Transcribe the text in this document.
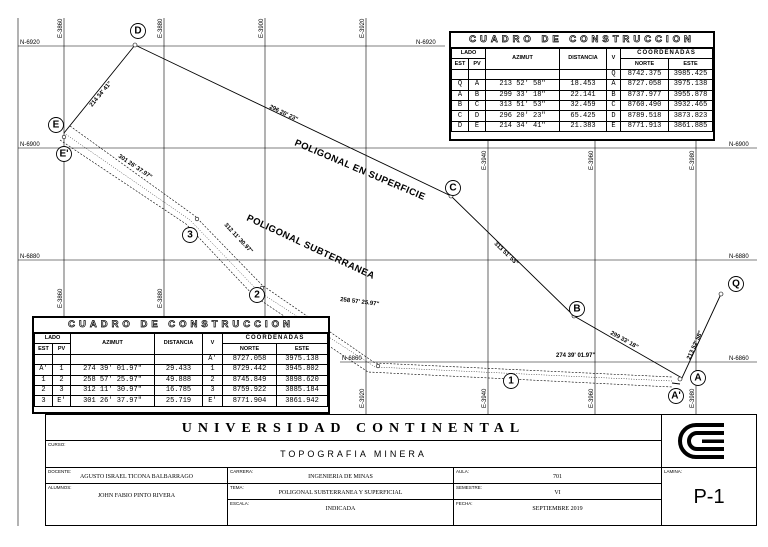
N-6920	N-6920
N-6900	N-6900
N-6880	N-6880
N-6860	N-6860
E-3860	E-3880	E-3900	E-3920
E-3940	E-3960	E-3980
E-3860	E-3880
E-3920	E-3940	E-3960	E-3980
D
E
E'
C
B
Q
A
A'
1
2
3
214 34' 41"
296 20' 23"
313 51' 53"
299 33' 18"	213 52' 58"
274 39' 01.97"
258 57' 25.97"
312 11' 30.97"
301 26' 37.97"	POLIGONAL EN SUPERFICIE
POLIGONAL SUBTERRANEA
CUADRO DE CONSTRUCCION
LADO		AZIMUT	DISTANCIA	V	COORDENADAS	
EST	PV				NORTE	ESTE
				Q	8742.375	3985.425
Q	A	213 52' 58"	18.453	A	8727.058	3975.138
A	B	299 33' 18"	22.141	B	8737.977	3955.878
B	C	313 51' 53"	32.459	C	8760.490	3932.465
C	D	296 20' 23"	65.425	D	8789.518	3873.823
D	E	214 34' 41"	21.383	E	8771.913	3861.885
CUADRO DE CONSTRUCCION
LADO		AZIMUT	DISTANCIA	V	COORDENADAS	
EST	PV				NORTE	ESTE
				A'	8727.058	3975.138
A'	1	274 39' 01.97"	29.433	1	8729.442	3945.802
1	2	258 57' 25.97"	49.888	2	8745.849	3898.620
2	3	312 11' 30.97"	16.785	3	8759.922	3885.184
3	E'	301 26' 37.97"	25.719	E'	8771.904	3861.942
UNIVERSIDAD CONTINENTAL
CURSO:
TOPOGRAFIA MINERA
DOCENTE:
AGUSTO ISRAEL TICONA BALBARRAGO
ALUMNOS:
JOHN FABIO PINTO RIVERA
CARRERA:
INGENIERIA DE MINAS
TEMA:
POLIGONAL SUBTERRANEA Y SUPERFICIAL
ESCALA:
INDICADA
AULA:
701
SEMESTRE:
VI
FECHA:
SEPTIEMBRE 2019
LAMINA:
P-1
